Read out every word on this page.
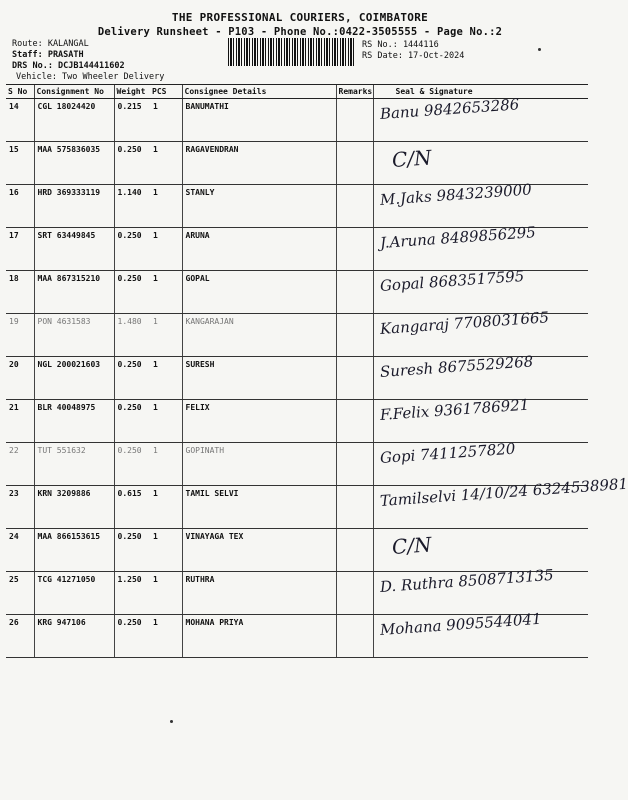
THE PROFESSIONAL COURIERS, COIMBATORE
Delivery Runsheet - P103 - Phone No.:0422-3505555 - Page No.:2
Route: KALANGAL
Staff: PRASATH
DRS No.: DCJB144411602
Vehicle: Two Wheeler Delivery
RS No.: 1444116
RS Date: 17-Oct-2024
S No	Consignment No	Weight	PCS	Consignee Details	Remarks	Seal & Signature
14	CGL 18024420	0.215	1	BANUMATHI		Banu 9842653286

15	MAA 575836035	0.250	1	RAGAVENDRAN		C/N

16	HRD 369333119	1.140	1	STANLY		M.Jaks 9843239000

17	SRT 63449845	0.250	1	ARUNA		J.Aruna 8489856295

18	MAA 867315210	0.250	1	GOPAL		Gopal 8683517595

19	PON 4631583	1.480	1	KANGARAJAN		Kangaraj 7708031665

20	NGL 200021603	0.250	1	SURESH		Suresh 8675529268

21	BLR 40048975	0.250	1	FELIX		F.Felix 9361786921

22	TUT 551632	0.250	1	GOPINATH		Gopi 7411257820

23	KRN 3209886	0.615	1	TAMIL SELVI		Tamilselvi 14/10/24 6324538981

24	MAA 866153615	0.250	1	VINAYAGA TEX		C/N

25	TCG 41271050	1.250	1	RUTHRA		D. Ruthra 8508713135

26	KRG 947106	0.250	1	MOHANA PRIYA		Mohana 9095544041
